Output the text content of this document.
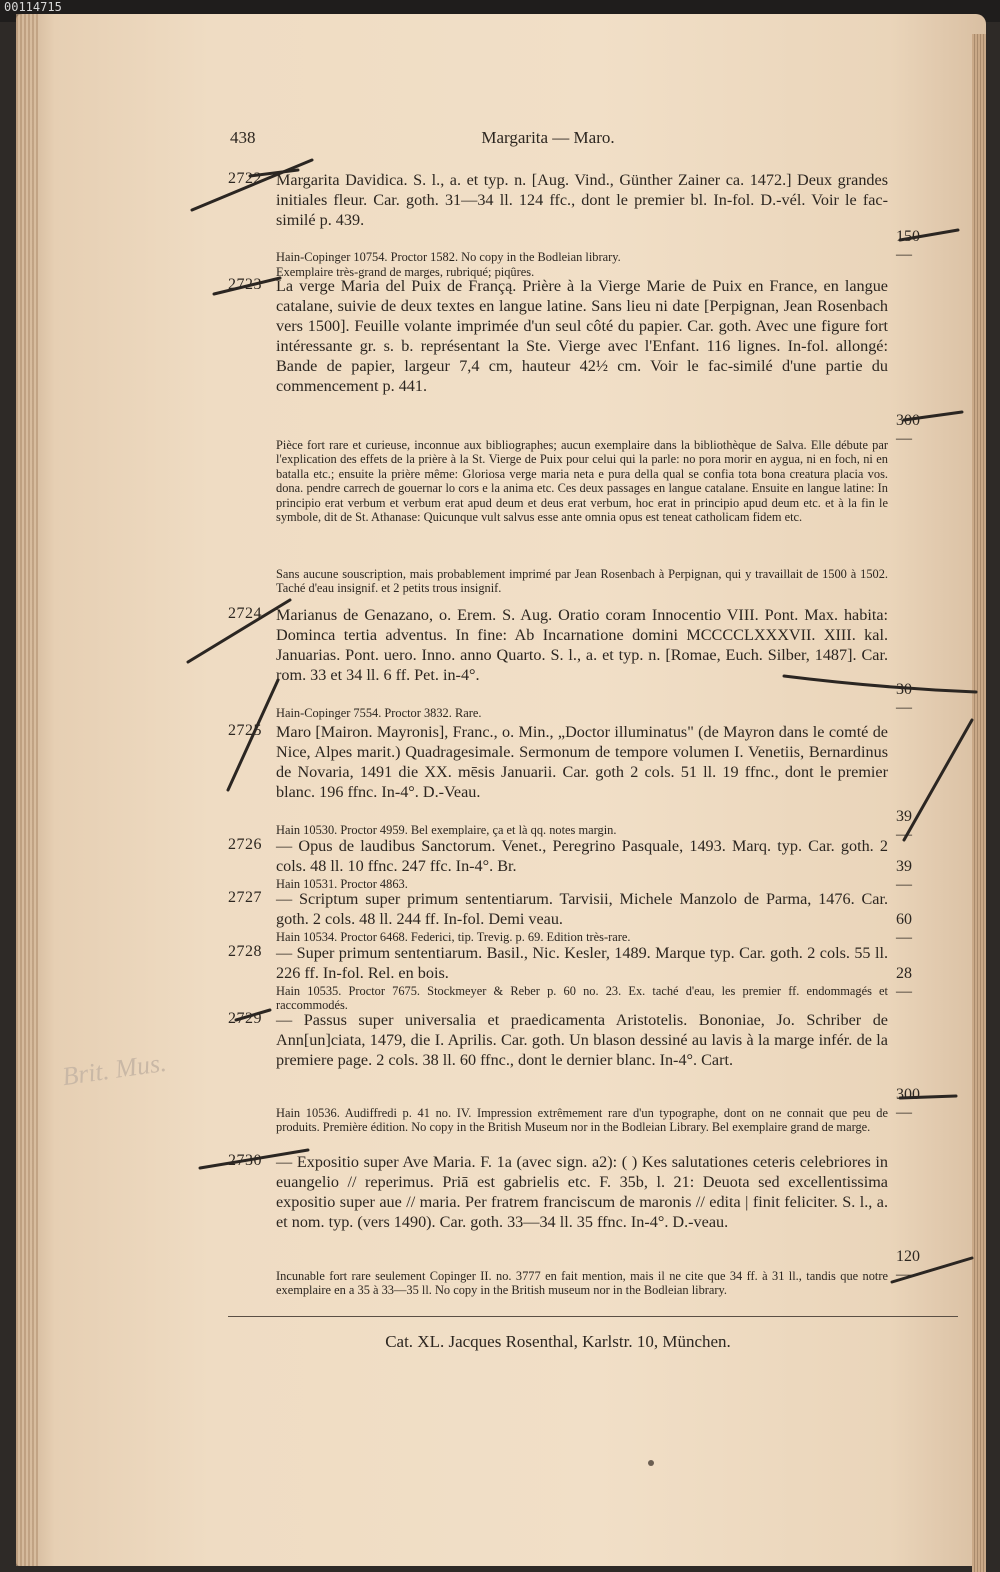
00114715
Brit. Mus.
438	Margarita — Maro.
2722 Margarita Davidica. S. l., a. et typ. n. [Aug. Vind., Günther Zainer ca. 1472.] Deux grandes initiales fleur. Car. goth. 31—34 ll. 124 ffc., dont le premier bl. In-fol. D.-vél. Voir le fac-similé p. 439.
Hain-Copinger 10754. Proctor 1582. No copy in the Bodleian library.
Exemplaire très-grand de marges, rubriqué; piqûres.
150 —
2723 La verge Maria del Puix de Françą. Prière à la Vierge Marie de Puix en France, en langue catalane, suivie de deux textes en langue latine. Sans lieu ni date [Perpignan, Jean Rosenbach vers 1500]. Feuille volante imprimée d'un seul côté du papier. Car. goth. Avec une figure fort intéressante gr. s. b. représentant la Ste. Vierge avec l'Enfant. 116 lignes. In-fol. allongé: Bande de papier, largeur 7,4 cm, hauteur 42½ cm. Voir le fac-similé d'une partie du commencement p. 441.
Pièce fort rare et curieuse, inconnue aux bibliographes; aucun exemplaire dans la bibliothèque de Salva. Elle débute par l'explication des effets de la prière à la St. Vierge de Puix pour celui qui la parle: no pora morir en ayguа, ni en foch, ni en batalla etc.; ensuite la prière même: Gloriosa verge maria neta e pura della qual se confia tota bona creatura placia vos. dona. pendre carrech de gouernar lo cors e la anima etc. Ces deux passages en langue catalane. Ensuite en langue latine: In principio erat verbum et verbum erat apud deum et deus erat verbum, hoc erat in principio apud deum etc. et à la fin le symbole, dit de St. Athanase: Quicunque vult salvus esse ante omnia opus est teneat catholicam fidem etc.
Sans aucune souscription, mais probablement imprimé par Jean Rosenbach à Perpignan, qui y travaillait de 1500 à 1502. Taché d'eau insignif. et 2 petits trous insignif.
300 —
2724 Marianus de Genazano, o. Erem. S. Aug. Oratio coram Innocentio VIII. Pont. Max. habita: Dominca tertia adventus. In fine: Ab Incarnatione domini MCCCCLXXXVII. XIII. kal. Januarias. Pont. uero. Inno. anno Quarto. S. l., a. et typ. n. [Romae, Euch. Silber, 1487]. Car. rom. 33 et 34 ll. 6 ff. Pet. in-4°.
Hain-Copinger 7554. Proctor 3832. Rare.
30 —
2725 Maro [Mairon. Mayronis], Franc., o. Min., „Doctor illuminatus" (de Mayron dans le comté de Nice, Alpes marit.) Quadragesimale. Sermonum de tempore volumen I. Venetiis, Bernardinus de Novaria, 1491 die XX. mēsis Januarii. Car. goth 2 cols. 51 ll. 19 ffnc., dont le premier blanc. 196 ffnc. In-4°. D.-Veau.
Hain 10530. Proctor 4959. Bel exemplaire, ça et là qq. notes margin.
39 —
2726 — Opus de laudibus Sanctorum. Venet., Peregrino Pasquale, 1493. Marq. typ. Car. goth. 2 cols. 48 ll. 10 ffnc. 247 ffc. In-4°. Br.
Hain 10531. Proctor 4863.
39 —
2727 — Scriptum super primum sententiarum. Tarvisii, Michele Manzolo de Parma, 1476. Car. goth. 2 cols. 48 ll. 244 ff. In-fol. Demi veau.
Hain 10534. Proctor 6468. Federici, tip. Trevig. p. 69. Edition très-rare.
60 —
2728 — Super primum sententiarum. Basil., Nic. Kesler, 1489. Marque typ. Car. goth. 2 cols. 55 ll. 226 ff. In-fol. Rel. en bois.
Hain 10535. Proctor 7675. Stockmeyer & Reber p. 60 no. 23. Ex. taché d'eau, les premier ff. endommagés et raccommodés.
28 —
2729 — Passus super universalia et praedicamenta Aristotelis. Bononiae, Jo. Schriber de Ann[un]ciata, 1479, die I. Aprilis. Car. goth. Un blason dessiné au lavis à la marge infér. de la premiere page. 2 cols. 38 ll. 60 ffnc., dont le dernier blanc. In-4°. Cart.
Hain 10536. Audiffredi p. 41 no. IV. Impression extrêmement rare d'un typographe, dont on ne connait que peu de produits. Première édition. No copy in the British Museum nor in the Bodleian Library. Bel exemplaire grand de marge.
300 —
2730 — Expositio super Ave Maria. F. 1a (avec sign. a2): ( ) Kes salutationes ceteris celebriores in euangelio // reperimus. Priā est gabrielis etc. F. 35b, l. 21: Deuota sed excellentissima expositio super aue // maria. Per fratrem franciscum de maronis // edita | finit feliciter. S. l., a. et nom. typ. (vers 1490). Car. goth. 33—34 ll. 35 ffnc. In-4°. D.-veau.
Incunable fort rare seulement Copinger II. no. 3777 en fait mention, mais il ne cite que 34 ff. à 31 ll., tandis que notre exemplaire en a 35 à 33—35 ll. No copy in the British museum nor in the Bodleian library.
120 —
Cat. XL. Jacques Rosenthal, Karlstr. 10, München.
